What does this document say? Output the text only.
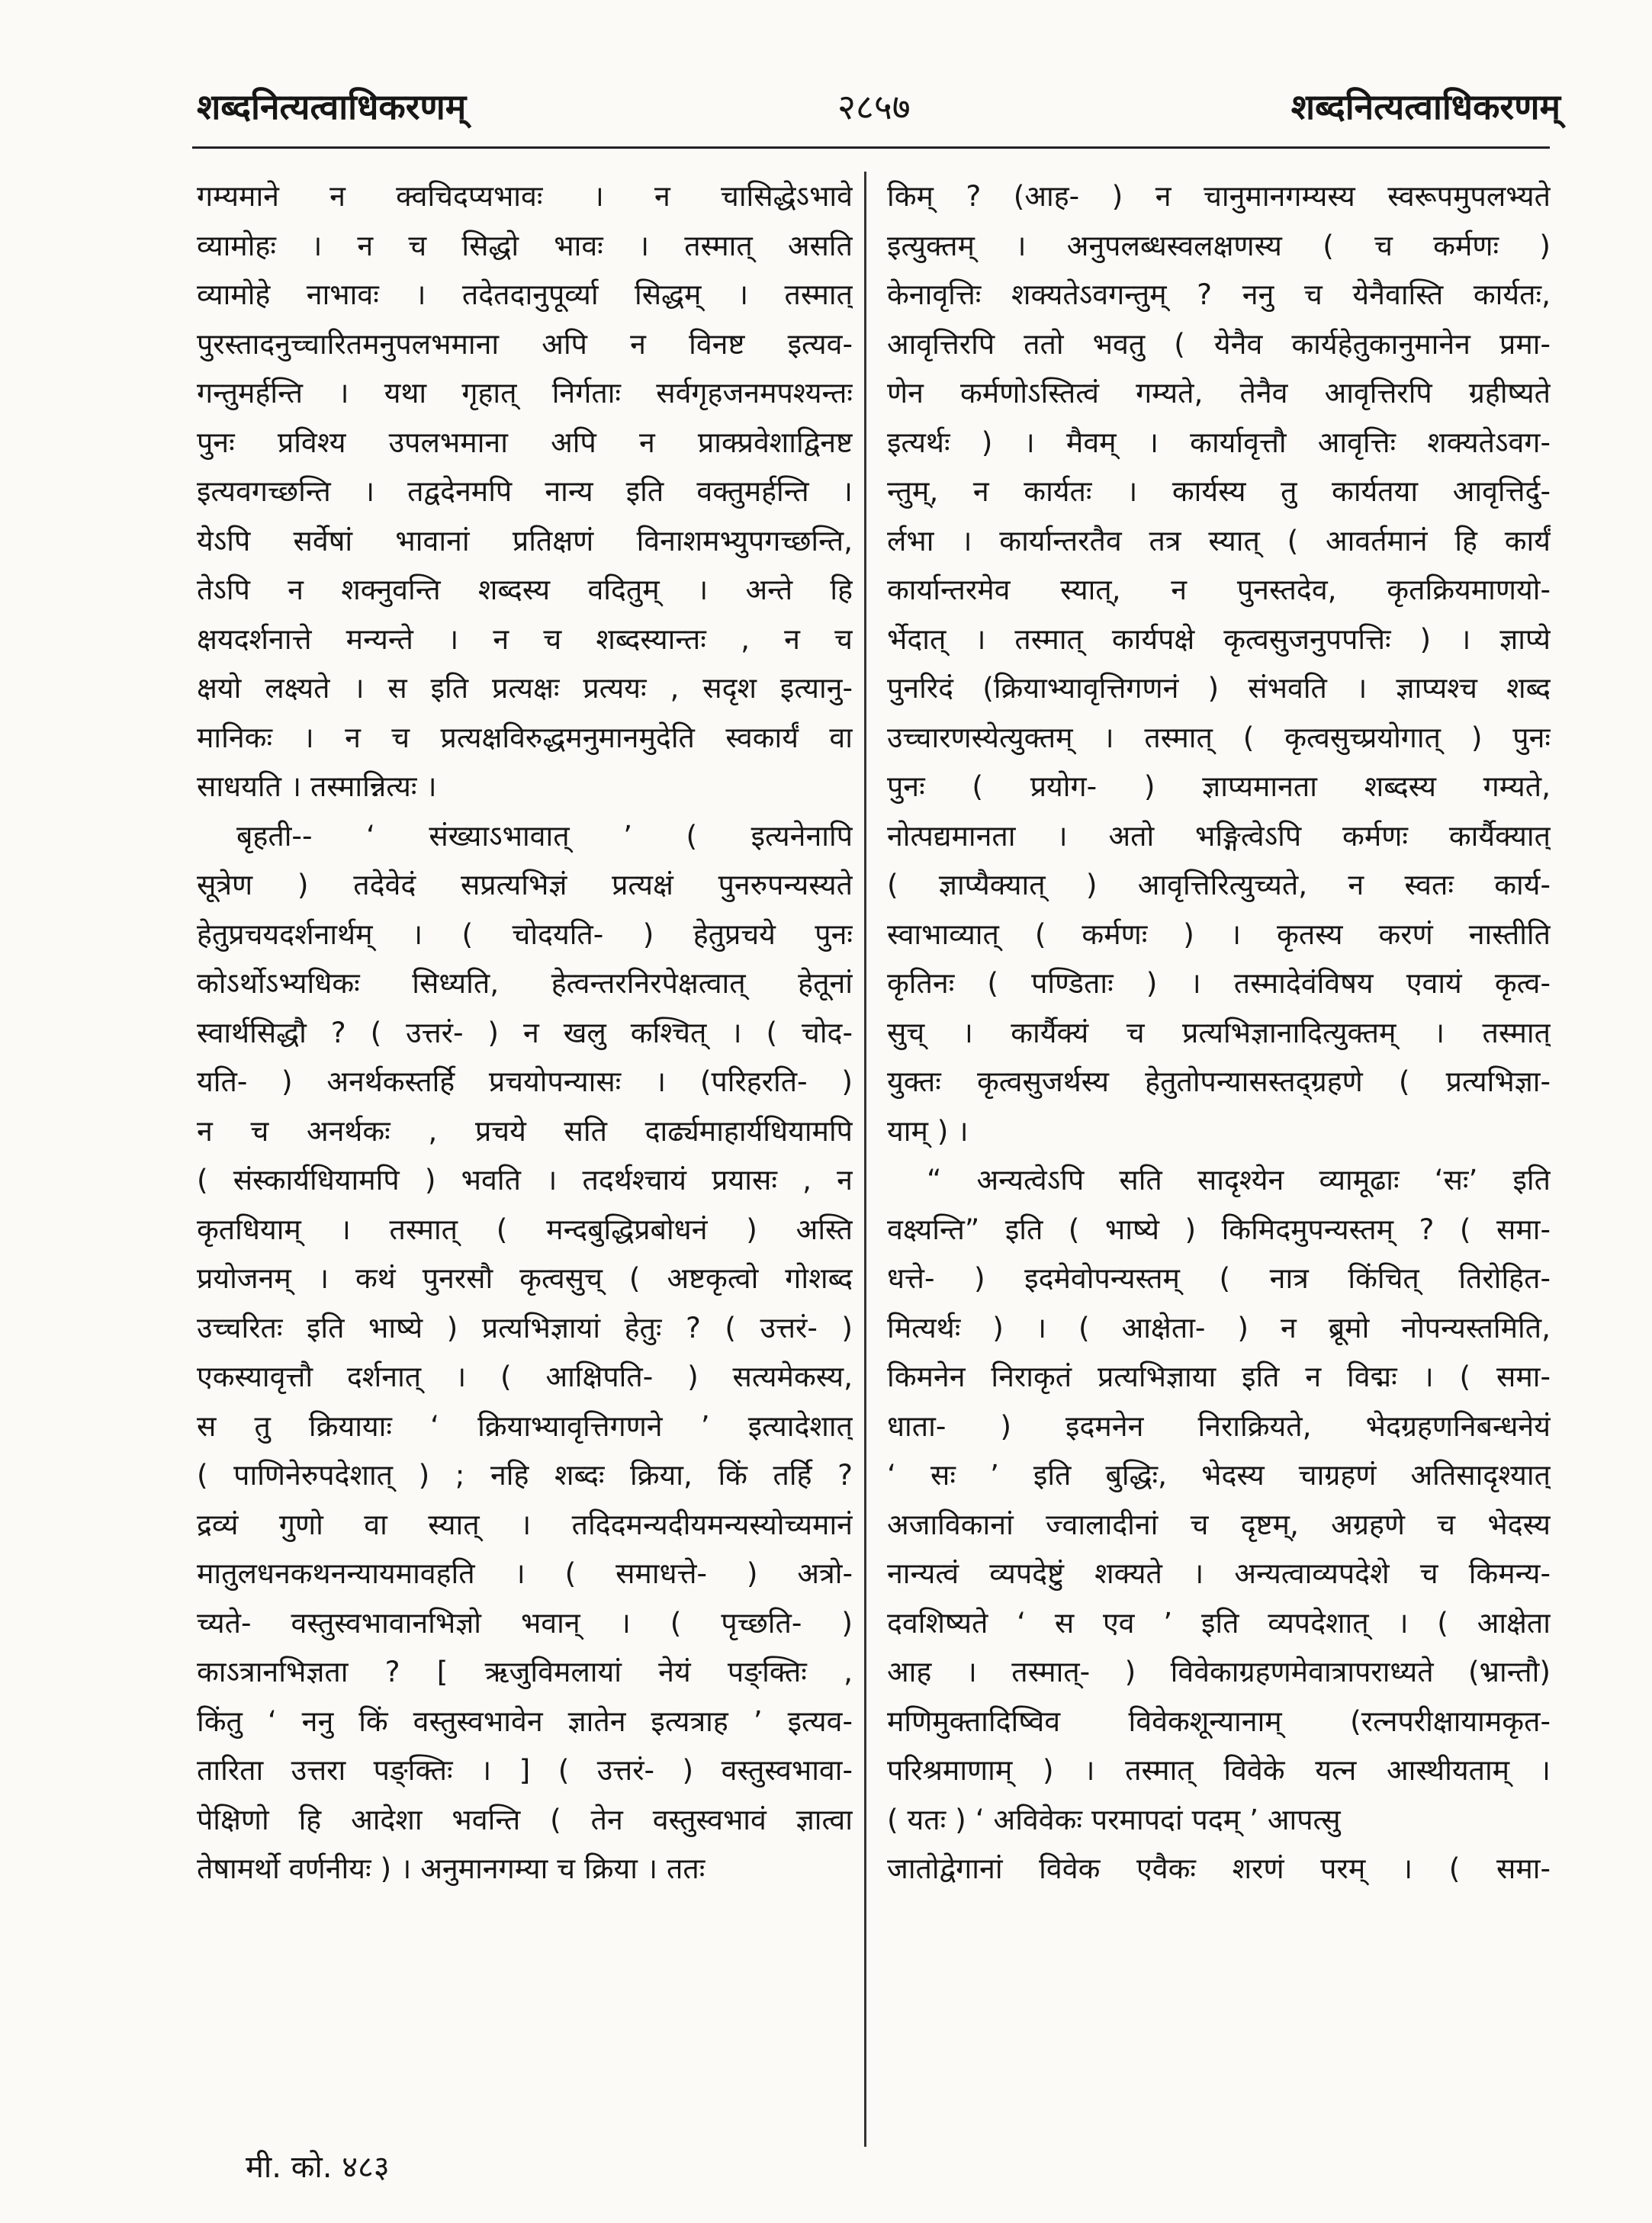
शब्दनित्यत्वाधिकरणम्	२८५७	शब्दनित्यत्वाधिकरणम्
गम्यमाने न क्वचिदप्यभावः । न चासिद्धेऽभावे
व्यामोहः । न च सिद्धो भावः । तस्मात् असति
व्यामोहे नाभावः । तदेतदानुपूर्व्या सिद्धम् । तस्मात्
पुरस्तादनुच्चारितमनुपलभमाना अपि न विनष्ट इत्यव-
गन्तुमर्हन्ति । यथा गृहात् निर्गताः सर्वगृहजनमपश्यन्तः
पुनः प्रविश्य उपलभमाना अपि न प्राक्प्रवेशाद्विनष्ट
इत्यवगच्छन्ति । तद्वदेनमपि नान्य इति वक्तुमर्हन्ति ।
येऽपि सर्वेषां भावानां प्रतिक्षणं विनाशमभ्युपगच्छन्ति,
तेऽपि न शक्नुवन्ति शब्दस्य वदितुम् । अन्ते हि
क्षयदर्शनात्ते मन्यन्ते । न च शब्दस्यान्तः , न च
क्षयो लक्ष्यते । स इति प्रत्यक्षः प्रत्ययः , सदृश इत्यानु-
मानिकः । न च प्रत्यक्षविरुद्धमनुमानमुदेति स्वकार्यं वा
साधयति । तस्मान्नित्यः ।
बृहती-- ‘ संख्याऽभावात् ’ ( इत्यनेनापि
सूत्रेण ) तदेवेदं सप्रत्यभिज्ञं प्रत्यक्षं पुनरुपन्यस्यते
हेतुप्रचयदर्शनार्थम् । ( चोदयति- ) हेतुप्रचये पुनः
कोऽर्थोऽभ्यधिकः सिध्यति, हेत्वन्तरनिरपेक्षत्वात् हेतूनां
स्वार्थसिद्धौ ? ( उत्तरं- ) न खलु कश्चित् । ( चोद-
यति- ) अनर्थकस्तर्हि प्रचयोपन्यासः । (परिहरति- )
न च अनर्थकः , प्रचये सति दार्ढ्यमाहार्यधियामपि
( संस्कार्यधियामपि ) भवति । तदर्थश्चायं प्रयासः , न
कृतधियाम् । तस्मात् ( मन्दबुद्धिप्रबोधनं ) अस्ति
प्रयोजनम् । कथं पुनरसौ कृत्वसुच् ( अष्टकृत्वो गोशब्द
उच्चरितः इति भाष्ये ) प्रत्यभिज्ञायां हेतुः ? ( उत्तरं- )
एकस्यावृत्तौ दर्शनात् । ( आक्षिपति- ) सत्यमेकस्य,
स तु क्रियायाः ‘ क्रियाभ्यावृत्तिगणने ’ इत्यादेशात्
( पाणिनेरुपदेशात् ) ; नहि शब्दः क्रिया, किं तर्हि ?
द्रव्यं गुणो वा स्यात् । तदिदमन्यदीयमन्यस्योच्यमानं
मातुलधनकथनन्यायमावहति । ( समाधत्ते- ) अत्रो-
च्यते- वस्तुस्वभावानभिज्ञो भवान् । ( पृच्छति- )
काऽत्रानभिज्ञता ? [ ऋजुविमलायां नेयं पङ्क्तिः ,
किंतु ‘ ननु किं वस्तुस्वभावेन ज्ञातेन इत्यत्राह ’ इत्यव-
तारिता उत्तरा पङ्क्तिः । ] ( उत्तरं- ) वस्तुस्वभावा-
पेक्षिणो हि आदेशा भवन्ति ( तेन वस्तुस्वभावं ज्ञात्वा
तेषामर्थो वर्णनीयः ) । अनुमानगम्या च क्रिया । ततः
किम् ? (आह- ) न चानुमानगम्यस्य स्वरूपमुपलभ्यते
इत्युक्तम् । अनुपलब्धस्वलक्षणस्य ( च कर्मणः )
केनावृत्तिः शक्यतेऽवगन्तुम् ? ननु च येनैवास्ति कार्यतः,
आवृत्तिरपि ततो भवतु ( येनैव कार्यहेतुकानुमानेन प्रमा-
णेन कर्मणोऽस्तित्वं गम्यते, तेनैव आवृत्तिरपि ग्रहीष्यते
इत्यर्थः ) । मैवम् । कार्यावृत्तौ आवृत्तिः शक्यतेऽवग-
न्तुम्, न कार्यतः । कार्यस्य तु कार्यतया आवृत्तिर्दु-
र्लभा । कार्यान्तरतैव तत्र स्यात् ( आवर्तमानं हि कार्यं
कार्यान्तरमेव स्यात्, न पुनस्तदेव, कृतक्रियमाणयो-
र्भेदात् । तस्मात् कार्यपक्षे कृत्वसुजनुपपत्तिः ) । ज्ञाप्ये
पुनरिदं (क्रियाभ्यावृत्तिगणनं ) संभवति । ज्ञाप्यश्च शब्द
उच्चारणस्येत्युक्तम् । तस्मात् ( कृत्वसुच्प्रयोगात् ) पुनः
पुनः ( प्रयोग- ) ज्ञाप्यमानता शब्दस्य गम्यते,
नोत्पद्यमानता । अतो भङ्गित्वेऽपि कर्मणः कार्यैक्यात्
( ज्ञाप्यैक्यात् ) आवृत्तिरित्युच्यते, न स्वतः कार्य-
स्वाभाव्यात् ( कर्मणः ) । कृतस्य करणं नास्तीति
कृतिनः ( पण्डिताः ) । तस्मादेवंविषय एवायं कृत्व-
सुच् । कार्यैक्यं च प्रत्यभिज्ञानादित्युक्तम् । तस्मात्
युक्तः कृत्वसुजर्थस्य हेतुतोपन्यासस्तद्ग्रहणे ( प्रत्यभिज्ञा-
याम् ) ।
“ अन्यत्वेऽपि सति सादृश्येन व्यामूढाः ‘सः’ इति
वक्ष्यन्ति” इति ( भाष्ये ) किमिदमुपन्यस्तम् ? ( समा-
धत्ते- ) इदमेवोपन्यस्तम् ( नात्र किंचित् तिरोहित-
मित्यर्थः ) । ( आक्षेता- ) न ब्रूमो नोपन्यस्तमिति,
किमनेन निराकृतं प्रत्यभिज्ञाया इति न विद्मः । ( समा-
धाता- ) इदमनेन निराक्रियते, भेदग्रहणनिबन्धनेयं
‘ सः ’ इति बुद्धिः, भेदस्य चाग्रहणं अतिसादृश्यात्
अजाविकानां ज्वालादीनां च दृष्टम्, अग्रहणे च भेदस्य
नान्यत्वं व्यपदेष्टुं शक्यते । अन्यत्वाव्यपदेशे च किमन्य-
दवशिष्यते ‘ स एव ’ इति व्यपदेशात् । ( आक्षेता
आह । तस्मात्- ) विवेकाग्रहणमेवात्रापराध्यते (भ्रान्तौ)
मणिमुक्तादिष्विव विवेकशून्यानाम् (रत्नपरीक्षायामकृत-
परिश्रमाणाम् ) । तस्मात् विवेके यत्न आस्थीयताम् ।
( यतः ) ‘ अविवेकः परमापदां पदम् ’ आपत्सु
जातोद्वेगानां विवेक एवैकः शरणं परम् । ( समा-
मी. को. ४८३
